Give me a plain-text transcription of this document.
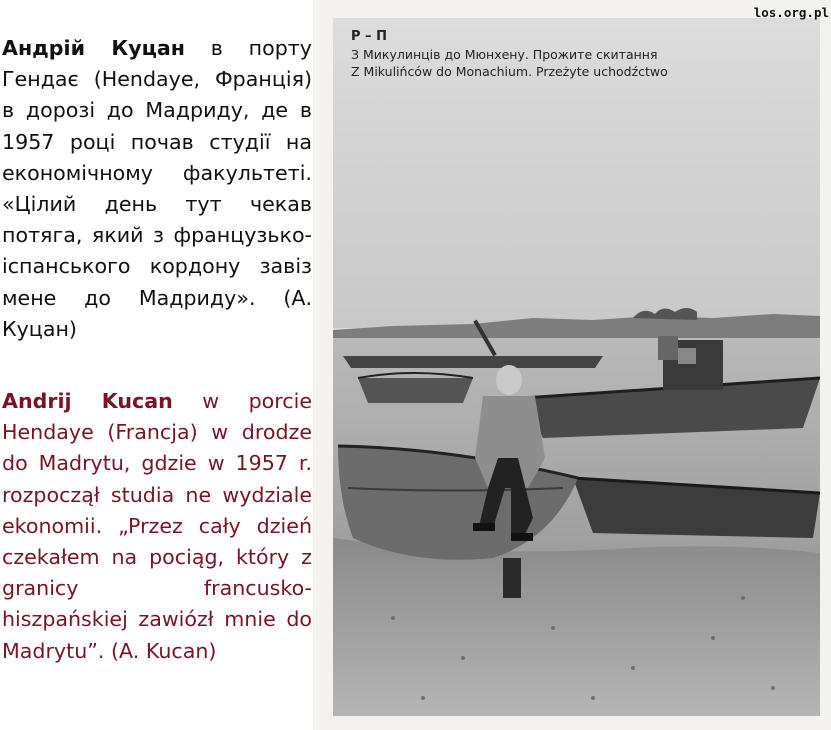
Андрій Куцан в порту Гендає (Hendaye, Франція) в дорозі до Мадриду, де в 1957 році почав студії на економічному факультеті. «Цілий день тут чекав потяга, який з французько-іспанського кордону завіз мене до Мадриду». (А. Куцан)
Andrij Kucan w porcie Hendaye (Francja) w drodze do Madrytu, gdzie w 1957 r. rozpoczął studia ne wydziale ekonomii. „Przez cały dzień czekałem na pociąg, który z granicy francusko-hiszpańskiej zawiózł mnie do Madrytu”. (A. Kucan)
Р – П
З Микулинців до Мюнхену. Прожите скитання
Z Mikulińców do Monachium. Przeżyte uchodźctwo
los.org.pl
